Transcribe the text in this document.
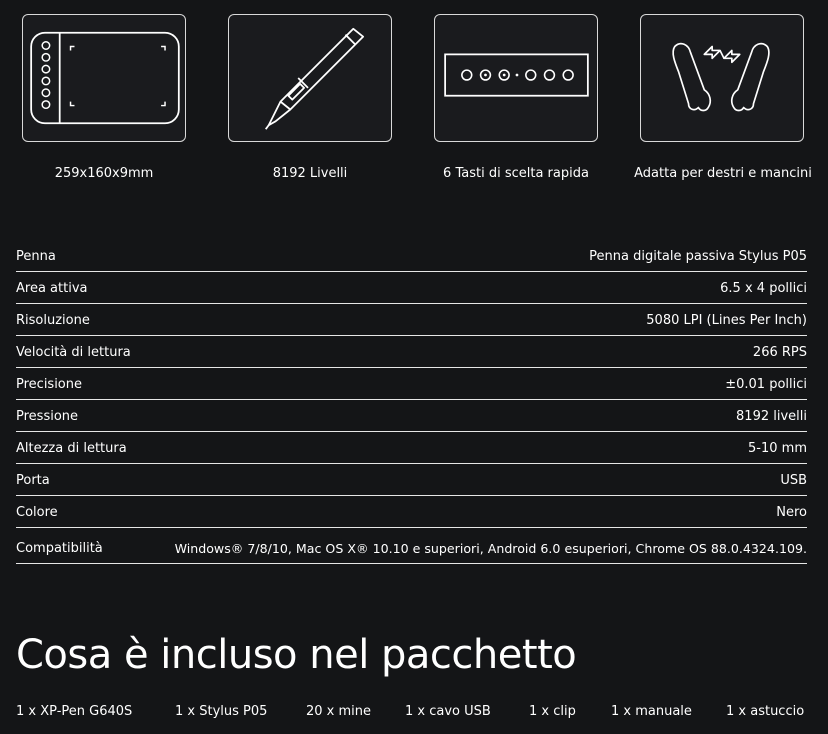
259x160x9mm	8192 Livelli	6 Tasti di scelta rapida	Adatta per destri e mancini
Penna	Penna digitale passiva Stylus P05
Area attiva	6.5 x 4 pollici
Risoluzione	5080 LPI (Lines Per Inch)
Velocità di lettura	266 RPS
Precisione	±0.01 pollici
Pressione	8192 livelli
Altezza di lettura	5-10 mm
Porta	USB
Colore	Nero
Compatibilità	Windows® 7/8/10, Mac OS X® 10.10 e superiori, Android 6.0 esuperiori, Chrome OS 88.0.4324.109.
Cosa è incluso nel pacchetto
1 x XP-Pen G640S	1 x Stylus P05	20 x mine	1 x cavo USB	1 x clip	1 x manuale	1 x astuccio
